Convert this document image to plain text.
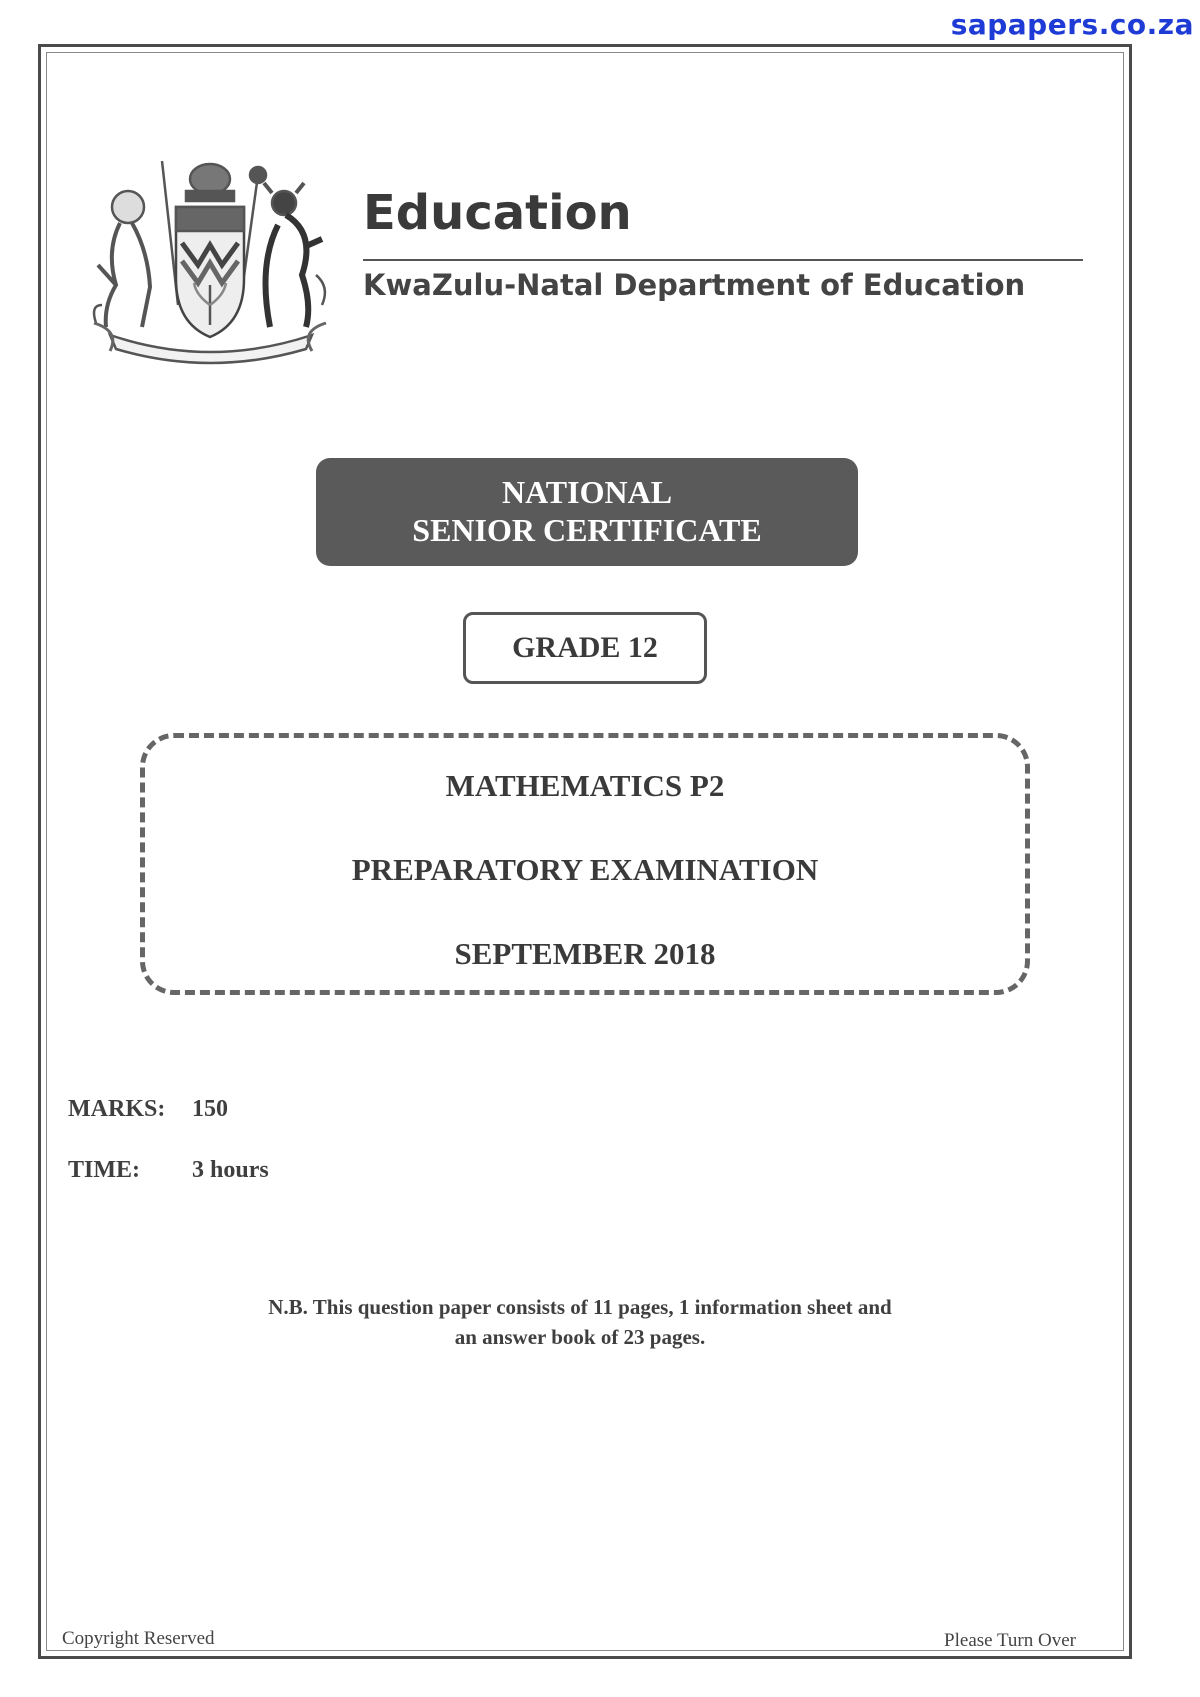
sapapers.co.za
Education
KwaZulu-Natal Department of Education
NATIONAL
SENIOR CERTIFICATE
GRADE 12
MATHEMATICS P2
PREPARATORY EXAMINATION
SEPTEMBER 2018
MARKS: 150
TIME: 3 hours
N.B. This question paper consists of 11 pages, 1 information sheet and
an answer book of 23 pages.
Copyright Reserved	Please Turn Over
